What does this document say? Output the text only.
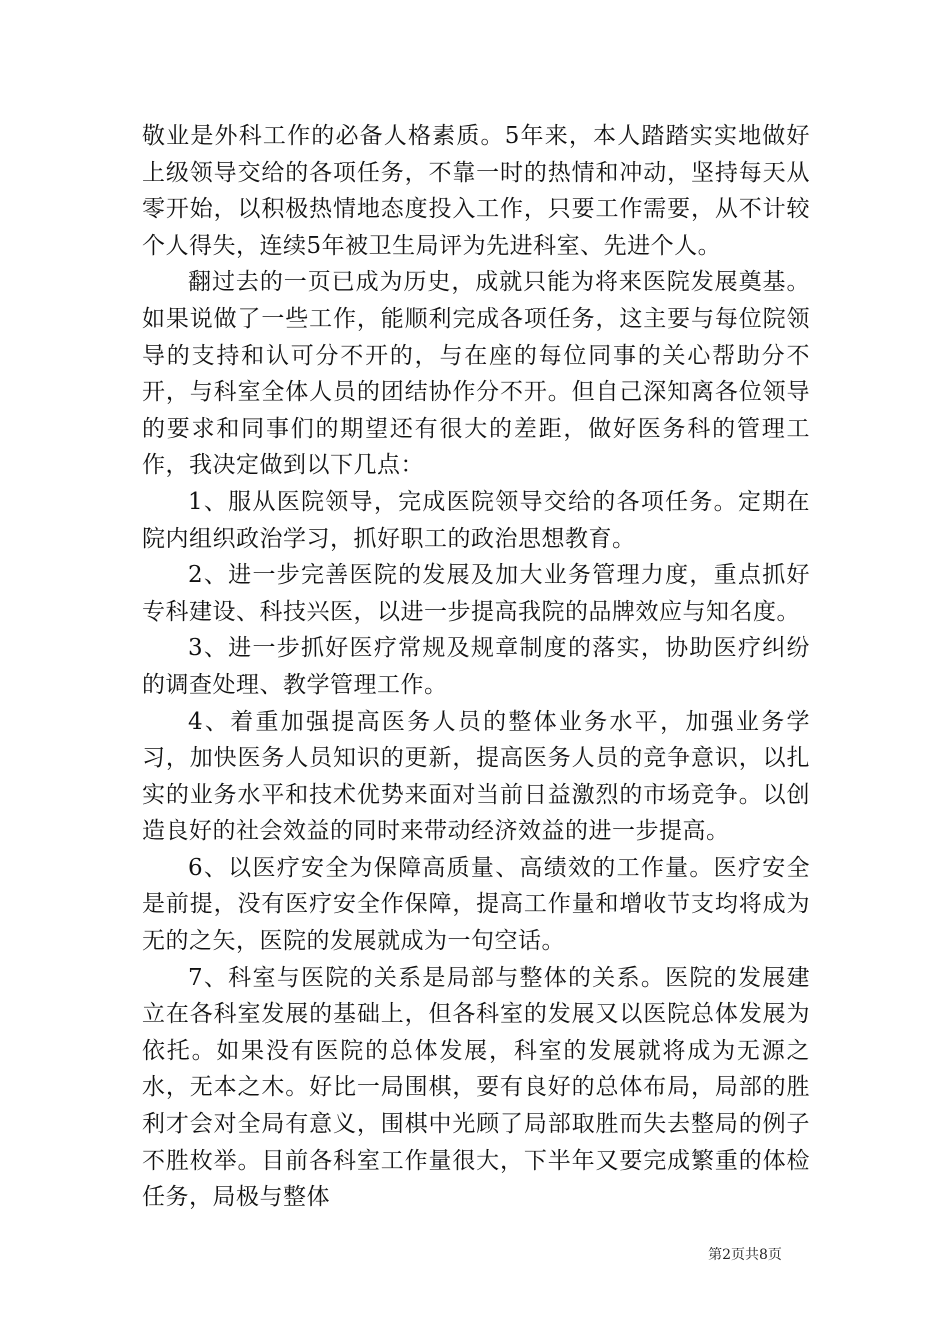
敬业是外科工作的必备人格素质。5年来，本人踏踏实实地做好上级领导交给的各项任务，不靠一时的热情和冲动，坚持每天从零开始，以积极热情地态度投入工作，只要工作需要，从不计较个人得失，连续5年被卫生局评为先进科室、先进个人。

翻过去的一页已成为历史，成就只能为将来医院发展奠基。如果说做了一些工作，能顺利完成各项任务，这主要与每位院领导的支持和认可分不开的，与在座的每位同事的关心帮助分不开，与科室全体人员的团结协作分不开。但自己深知离各位领导的要求和同事们的期望还有很大的差距，做好医务科的管理工作，我决定做到以下几点：

1、服从医院领导，完成医院领导交给的各项任务。定期在院内组织政治学习，抓好职工的政治思想教育。

2、进一步完善医院的发展及加大业务管理力度，重点抓好专科建设、科技兴医，以进一步提高我院的品牌效应与知名度。

3、进一步抓好医疗常规及规章制度的落实，协助医疗纠纷的调查处理、教学管理工作。

4、着重加强提高医务人员的整体业务水平，加强业务学习，加快医务人员知识的更新，提高医务人员的竞争意识，以扎实的业务水平和技术优势来面对当前日益激烈的市场竞争。以创造良好的社会效益的同时来带动经济效益的进一步提高。

6、以医疗安全为保障高质量、高绩效的工作量。医疗安全是前提，没有医疗安全作保障，提高工作量和增收节支均将成为无的之矢，医院的发展就成为一句空话。

7、科室与医院的关系是局部与整体的关系。医院的发展建立在各科室发展的基础上，但各科室的发展又以医院总体发展为依托。如果没有医院的总体发展，科室的发展就将成为无源之水，无本之木。好比一局围棋，要有良好的总体布局，局部的胜利才会对全局有意义，围棋中光顾了局部取胜而失去整局的例子不胜枚举。目前各科室工作量很大，下半年又要完成繁重的体检任务，局极与整体

第2页共8页
